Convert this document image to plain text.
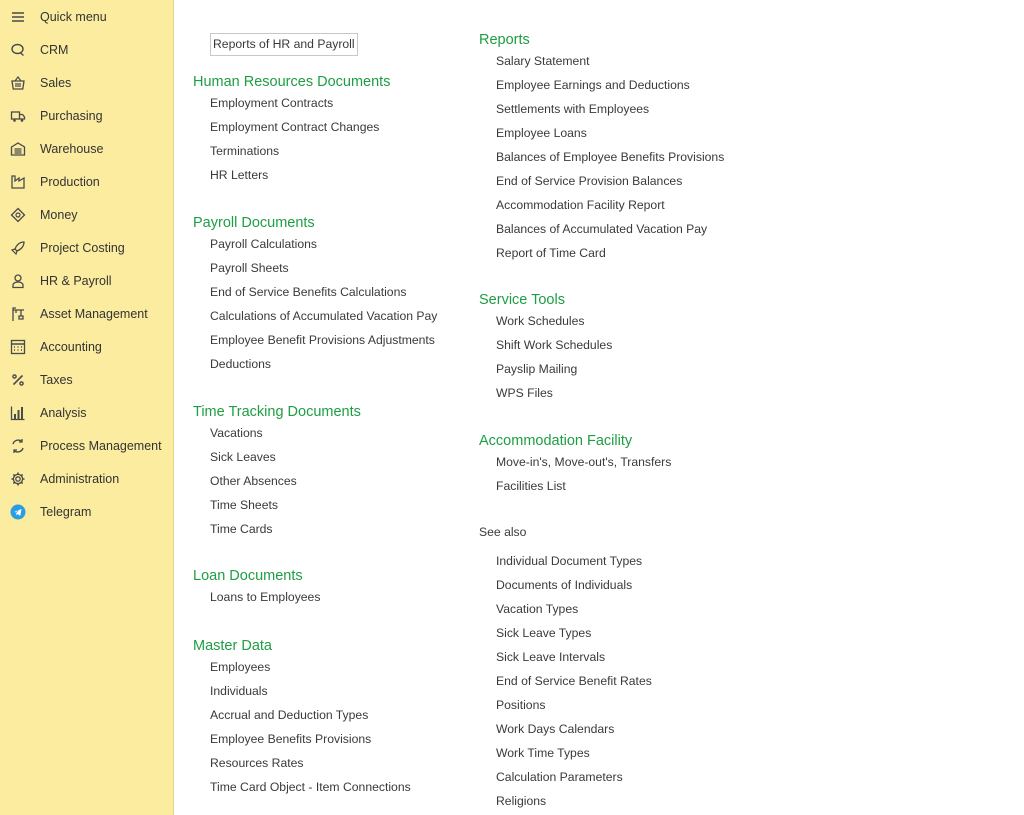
Quick menu
CRM
Sales
Purchasing
Warehouse
Production
Money
Project Costing
HR & Payroll
Asset Management
Accounting
Taxes
Analysis
Process Management
Administration
Telegram
Reports of HR and Payroll
Human Resources Documents
Employment Contracts
Employment Contract Changes
Terminations
HR Letters
Payroll Documents
Payroll Calculations
Payroll Sheets
End of Service Benefits Calculations
Calculations of Accumulated Vacation Pay
Employee Benefit Provisions Adjustments
Deductions
Time Tracking Documents
Vacations
Sick Leaves
Other Absences
Time Sheets
Time Cards
Loan Documents
Loans to Employees
Master Data
Employees
Individuals
Accrual and Deduction Types
Employee Benefits Provisions
Resources Rates
Time Card Object - Item Connections
Reports
Salary Statement
Employee Earnings and Deductions
Settlements with Employees
Employee Loans
Balances of Employee Benefits Provisions
End of Service Provision Balances
Accommodation Facility Report
Balances of Accumulated Vacation Pay
Report of Time Card
Service Tools
Work Schedules
Shift Work Schedules
Payslip Mailing
WPS Files
Accommodation Facility
Move-in's, Move-out's, Transfers
Facilities List
See also
Individual Document Types
Documents of Individuals
Vacation Types
Sick Leave Types
Sick Leave Intervals
End of Service Benefit Rates
Positions
Work Days Calendars
Work Time Types
Calculation Parameters
Religions
